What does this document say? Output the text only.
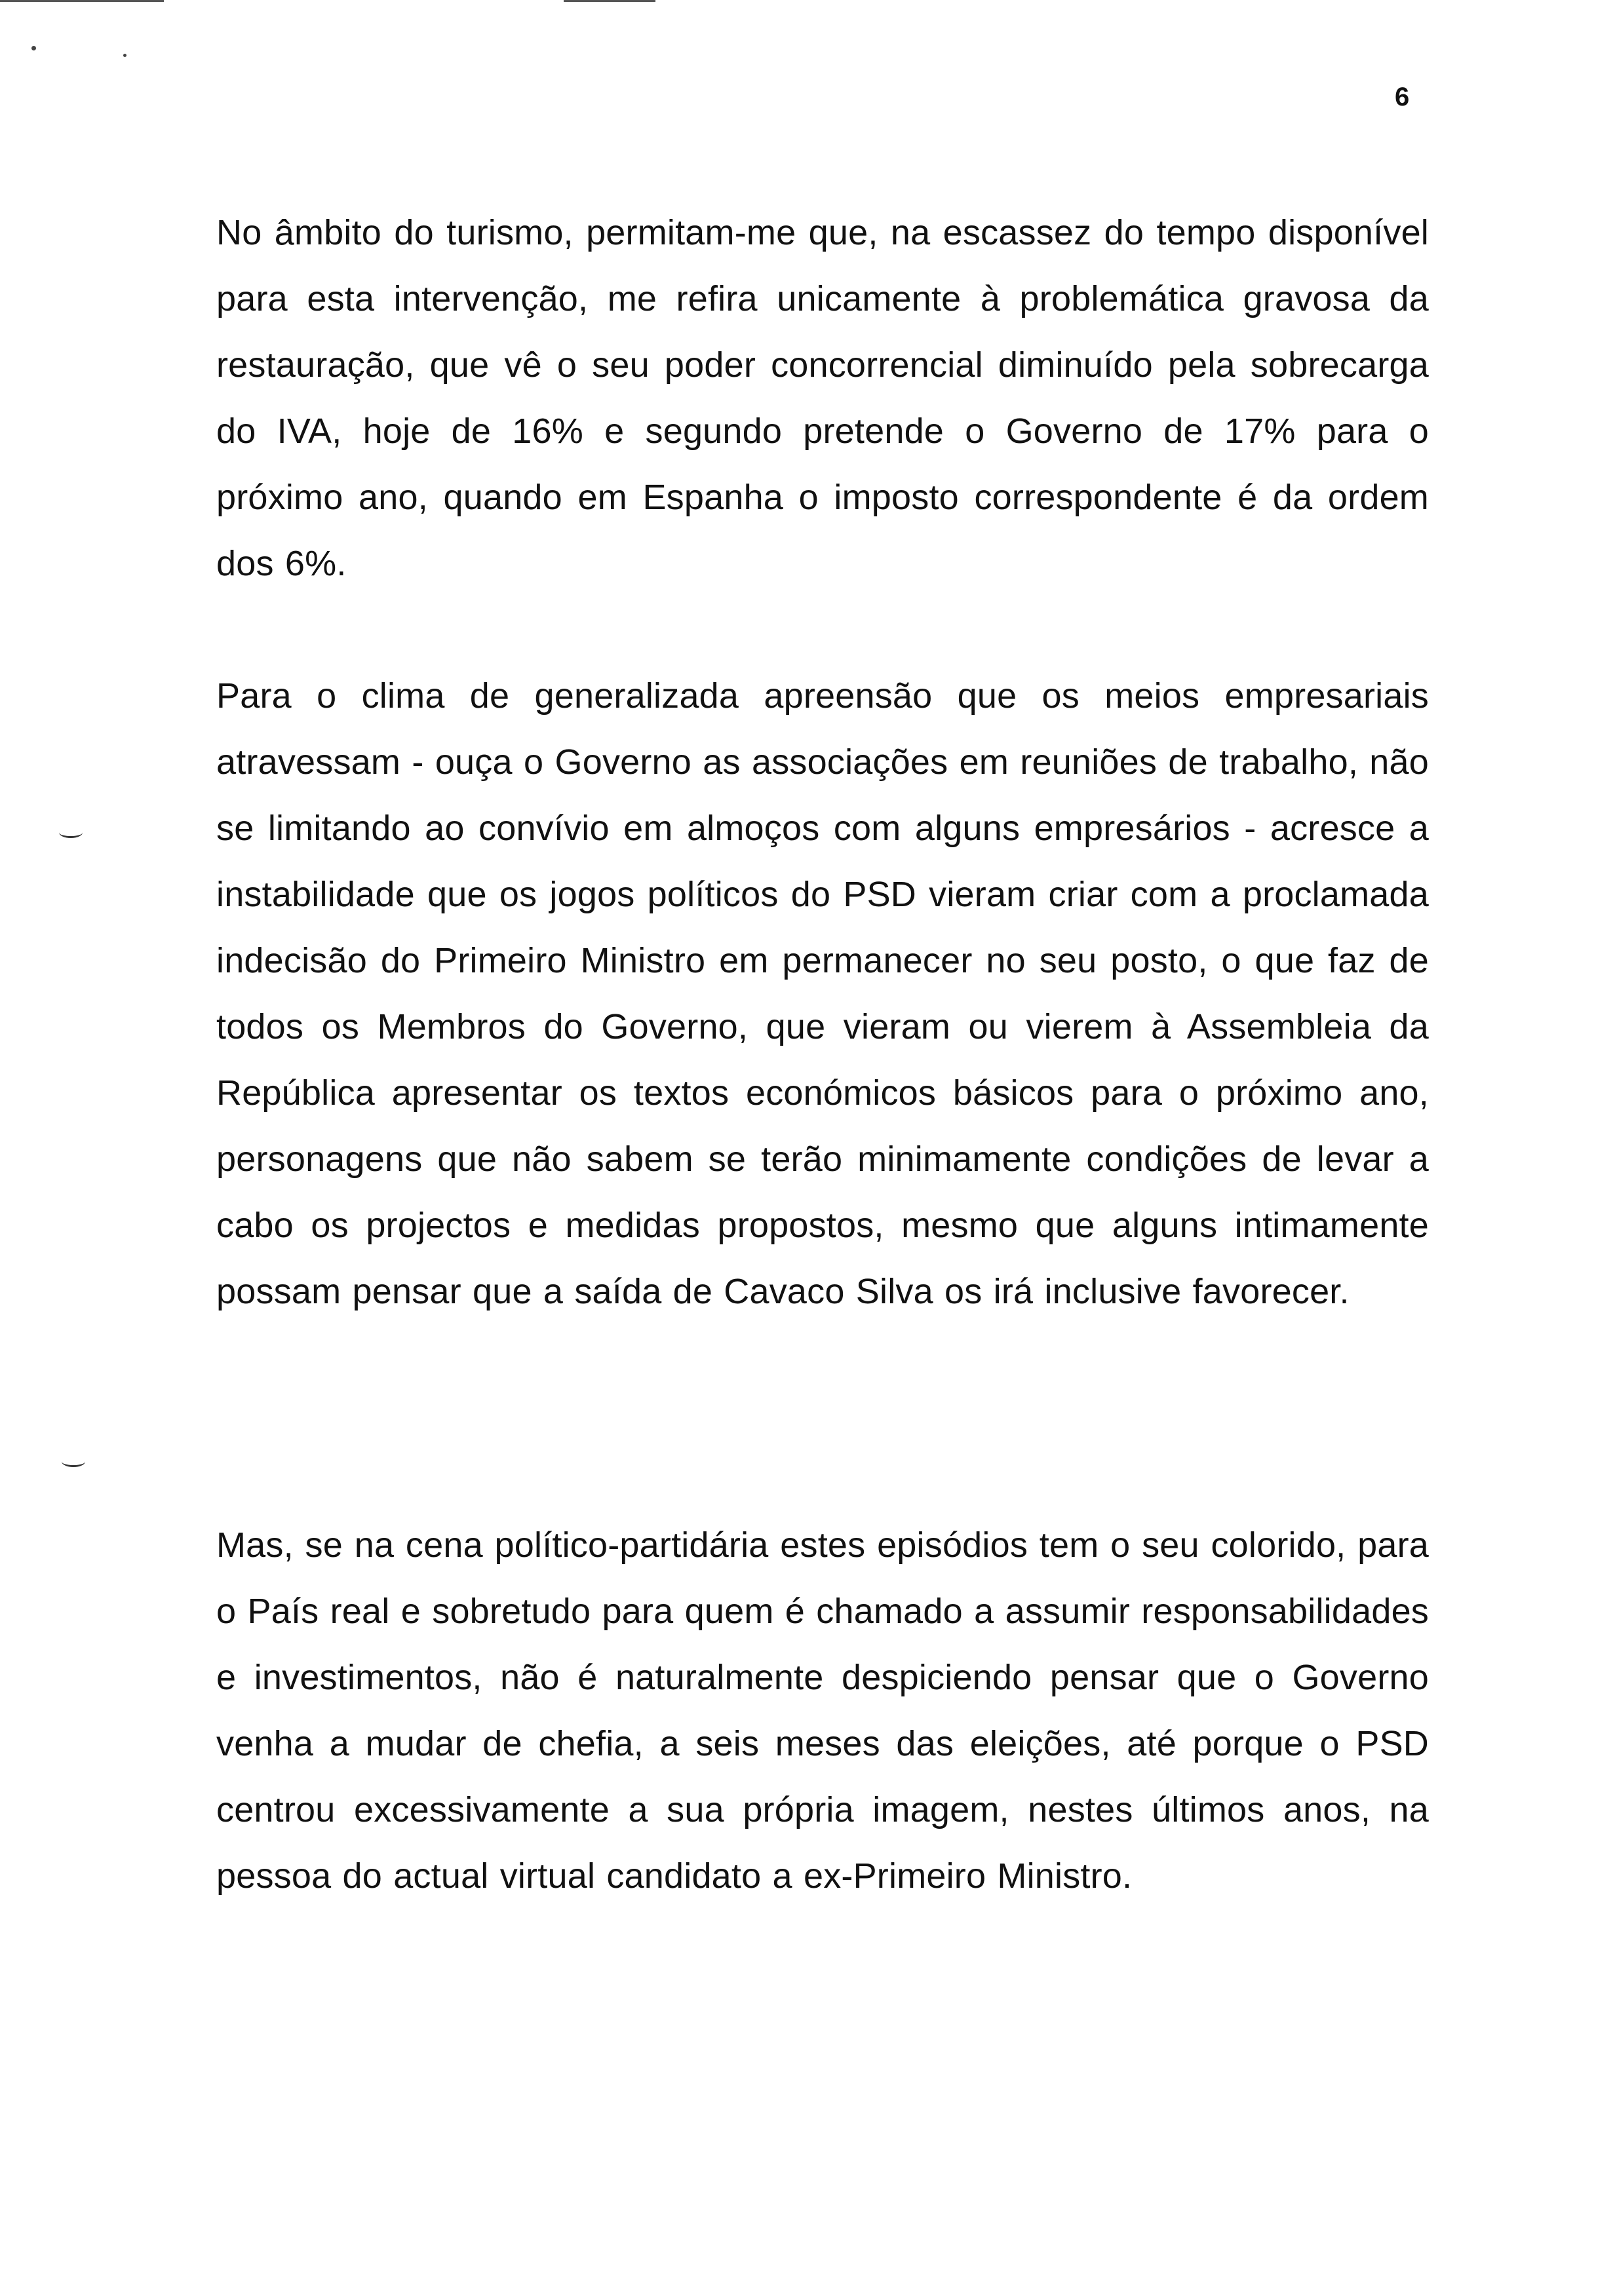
6

No âmbito do turismo, permitam-me que, na escassez do tempo disponível para esta intervenção, me refira unicamente à problemática gravosa da restauração, que vê o seu poder concorrencial diminuído pela sobrecarga do IVA, hoje de 16% e segundo pretende o Governo de 17% para o próximo ano, quando em Espanha o imposto correspondente é da ordem dos 6%.

Para o clima de generalizada apreensão que os meios empresariais atravessam - ouça o Governo as associações em reuniões de trabalho, não se limitando ao convívio em almoços com alguns empresários - acresce a instabilidade que os jogos políticos do PSD vieram criar com a proclamada indecisão do Primeiro Ministro em permanecer no seu posto, o que faz de todos os Membros do Governo, que vieram ou vierem à Assembleia da República apresentar os textos económicos básicos para o próximo ano, personagens que não sabem se terão minimamente condições de levar a cabo os projectos e medidas propostos, mesmo que alguns intimamente possam pensar que a saída de Cavaco Silva os irá inclusive favorecer.

Mas, se na cena político-partidária estes episódios tem o seu colorido, para o País real e sobretudo para quem é chamado a assumir responsabilidades e investimentos, não é naturalmente despiciendo pensar que o Governo venha a mudar de chefia, a seis meses das eleições, até porque o PSD centrou excessivamente a sua própria imagem, nestes últimos anos, na pessoa do actual virtual candidato a ex-Primeiro Ministro.
